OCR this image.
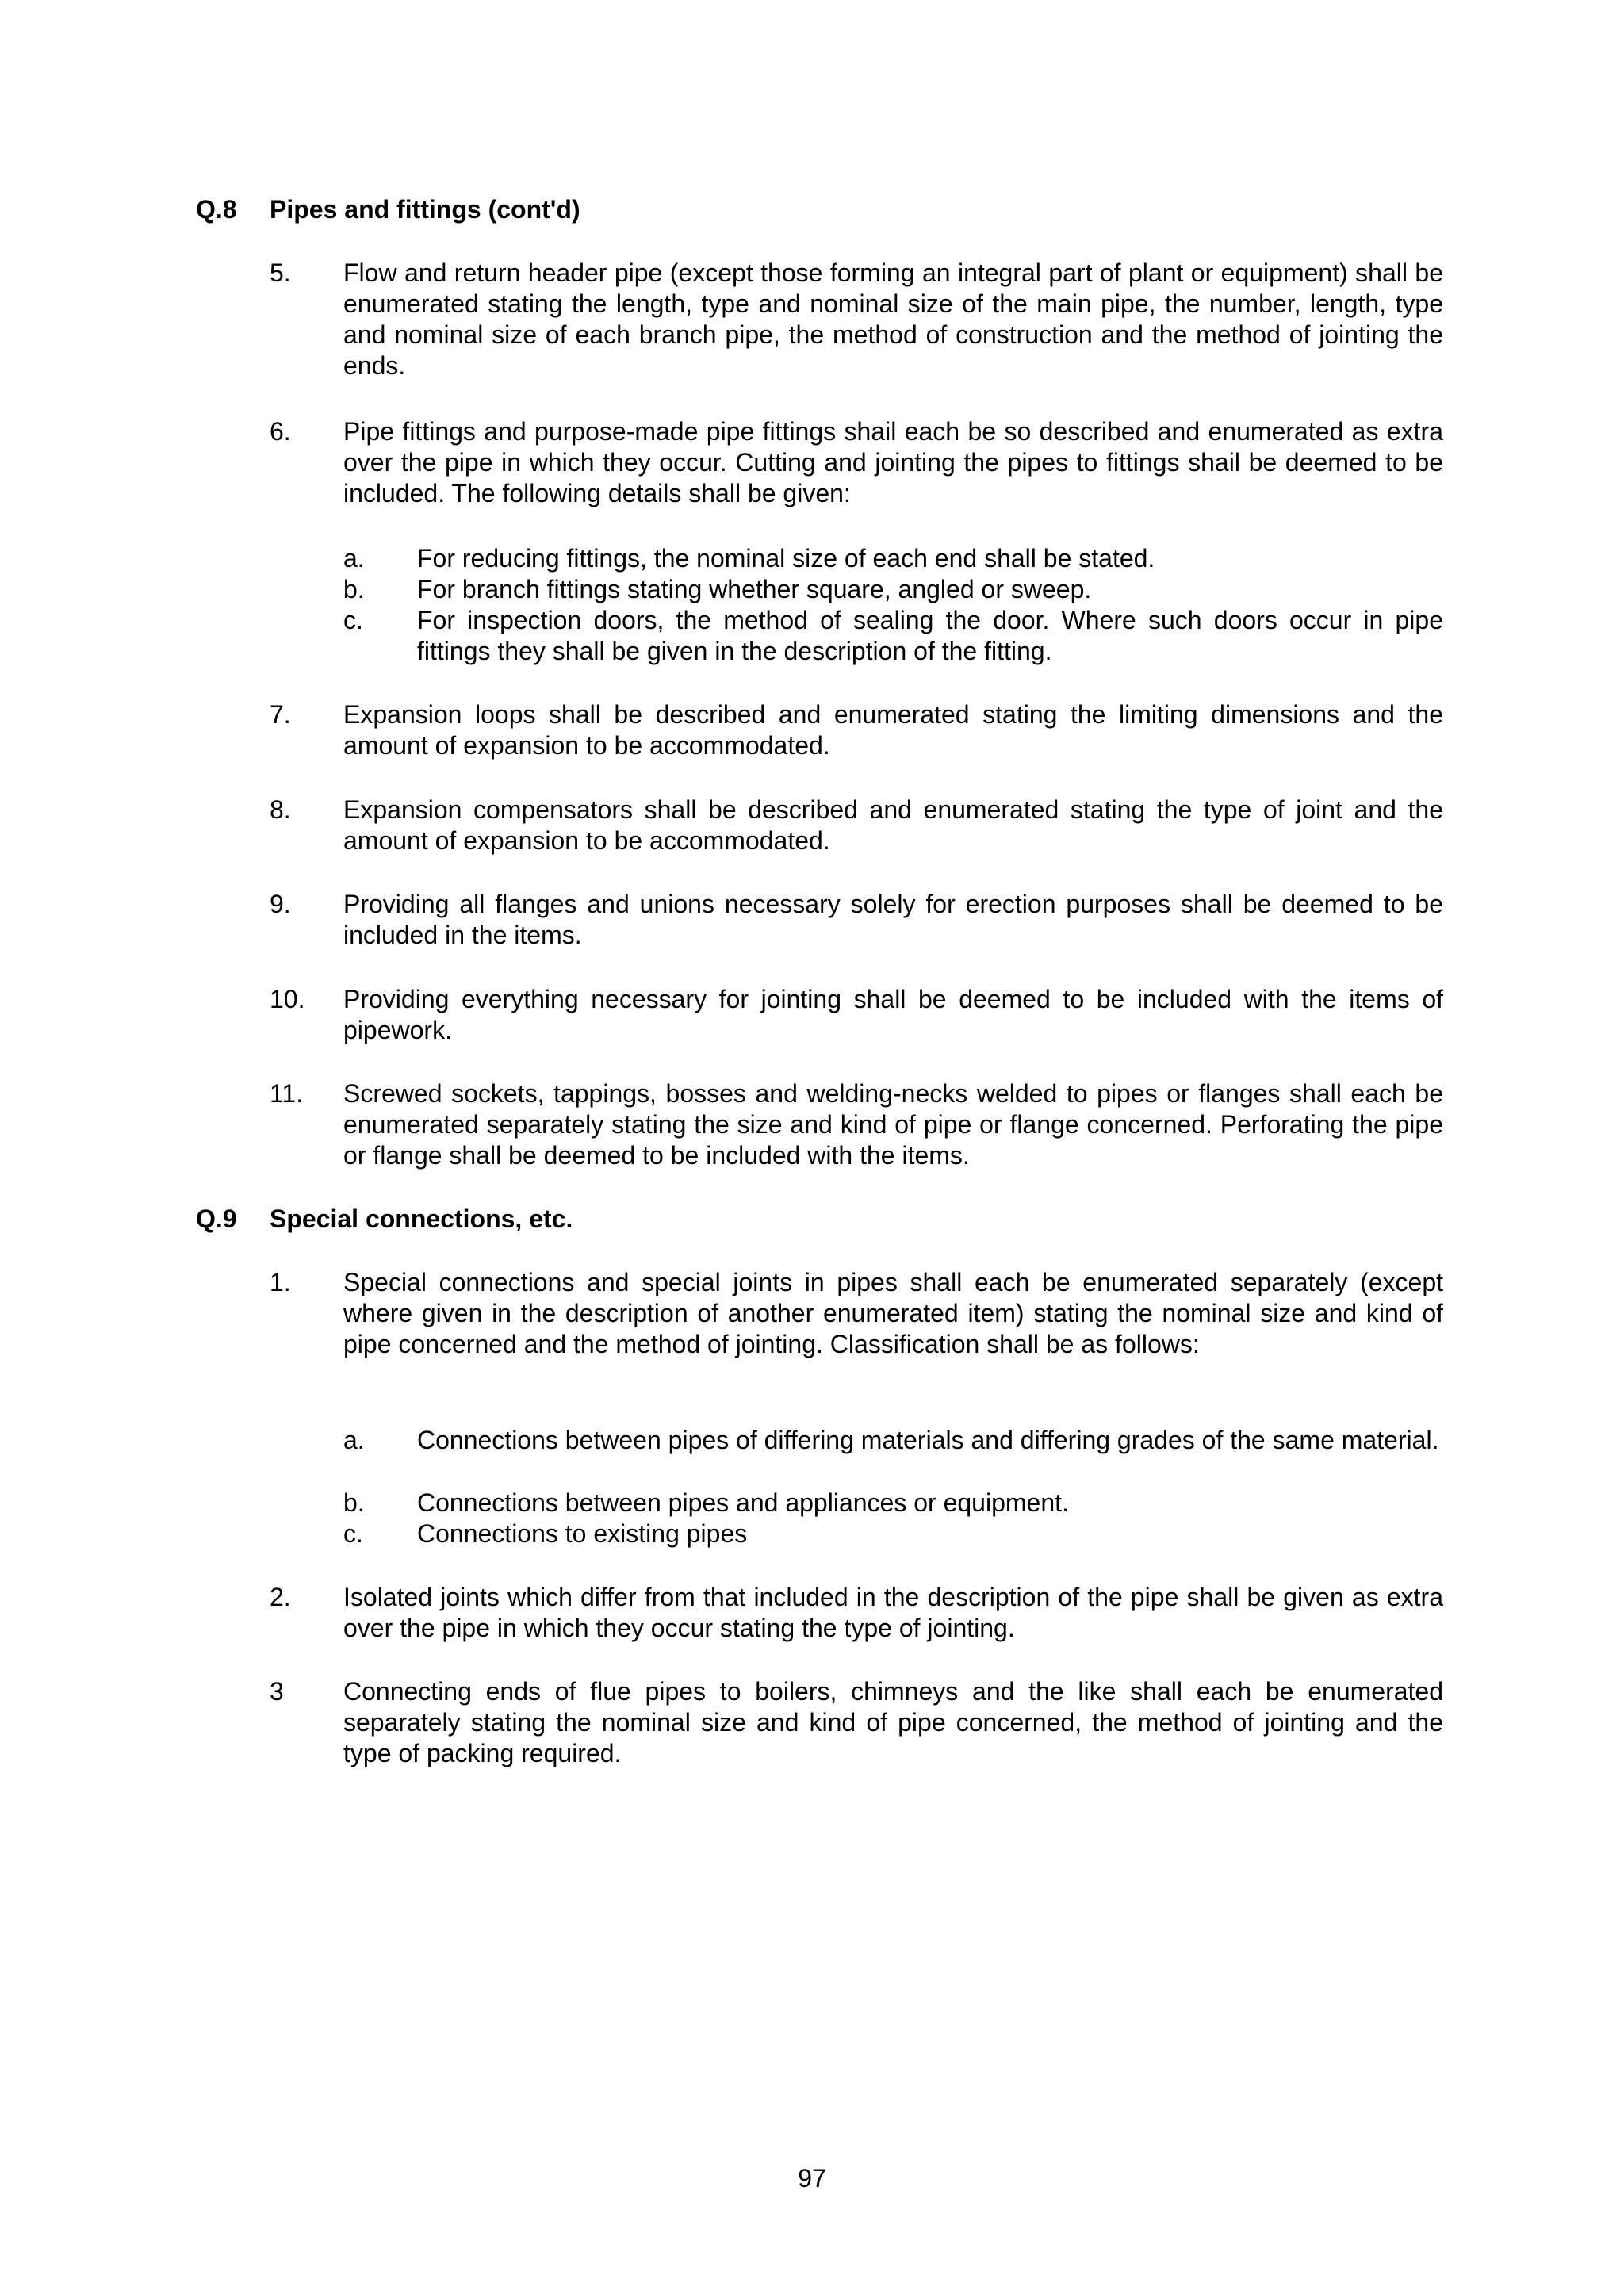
Q.8	Pipes and fittings (cont'd)
5.	Flow and return header pipe (except those forming an integral part of plant or equipment) shall be enumerated stating the length, type and nominal size of the main pipe, the number, length, type and nominal size of each branch pipe, the method of construction and the method of jointing the ends.
6.	Pipe fittings and purpose-made pipe fittings shail each be so described and enumerated as extra over the pipe in which they occur. Cutting and jointing the pipes to fittings shail be deemed to be included. The following details shall be given:
a.	For reducing fittings, the nominal size of each end shall be stated.
b.	For branch fittings stating whether square, angled or sweep.
c.	For inspection doors, the method of sealing the door. Where such doors occur in pipe fittings they shall be given in the description of the fitting.
7.	Expansion loops shall be described and enumerated stating the limiting dimensions and the amount of expansion to be accommodated.
8.	Expansion compensators shall be described and enumerated stating the type of joint and the amount of expansion to be accommodated.
9.	Providing all flanges and unions necessary solely for erection purposes shall be deemed to be included in the items.
10.	Providing everything necessary for jointing shall be deemed to be included with the items of pipework.
11.	Screwed sockets, tappings, bosses and welding-necks welded to pipes or flanges shall each be enumerated separately stating the size and kind of pipe or flange concerned. Perforating the pipe or flange shall be deemed to be included with the items.
Q.9	Special connections, etc.
1.	Special connections and special joints in pipes shall each be enumerated separately (except where given in the description of another enumerated item) stating the nominal size and kind of pipe concerned and the method of jointing. Classification shall be as follows:
a.	Connections between pipes of differing materials and differing grades of the same material.
b.	Connections between pipes and appliances or equipment.
c.	Connections to existing pipes
2.	Isolated joints which differ from that included in the description of the pipe shall be given as extra over the pipe in which they occur stating the type of jointing.
3	Connecting ends of flue pipes to boilers, chimneys and the like shall each be enumerated separately stating the nominal size and kind of pipe concerned, the method of jointing and the type of packing required.
97
